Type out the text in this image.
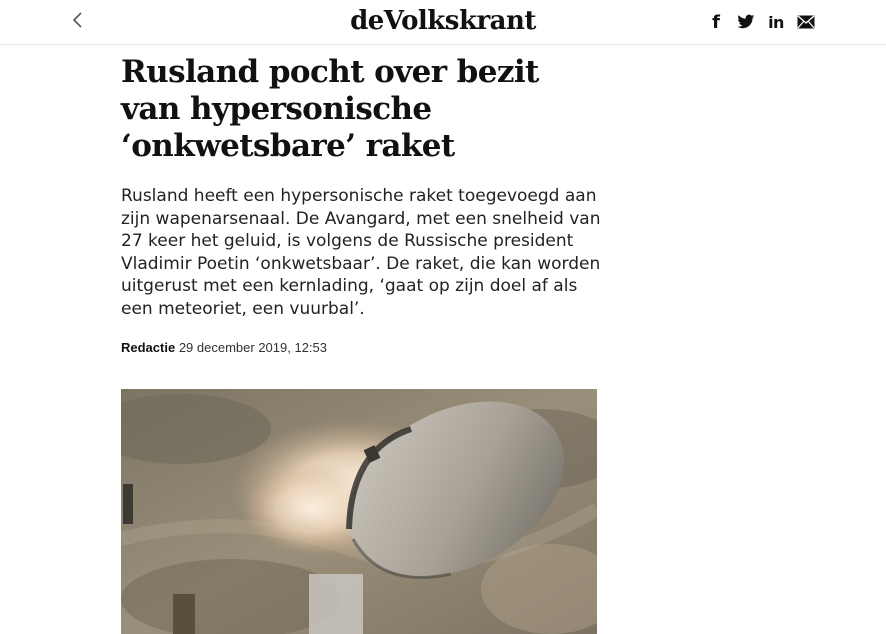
deVolkskrant	f	in
Rusland pocht over bezit van hypersonische ‘onkwetsbare’ raket

Rusland heeft een hypersonische raket toegevoegd aan zijn wapenarsenaal. De Avangard, met een snelheid van 27 keer het geluid, is volgens de Russische president Vladimir Poetin ‘onkwetsbaar’. De raket, die kan worden uitgerust met een kernlading, ‘gaat op zijn doel af als een meteoriet, een vuurbal’.

Redactie 29 december 2019, 12:53
